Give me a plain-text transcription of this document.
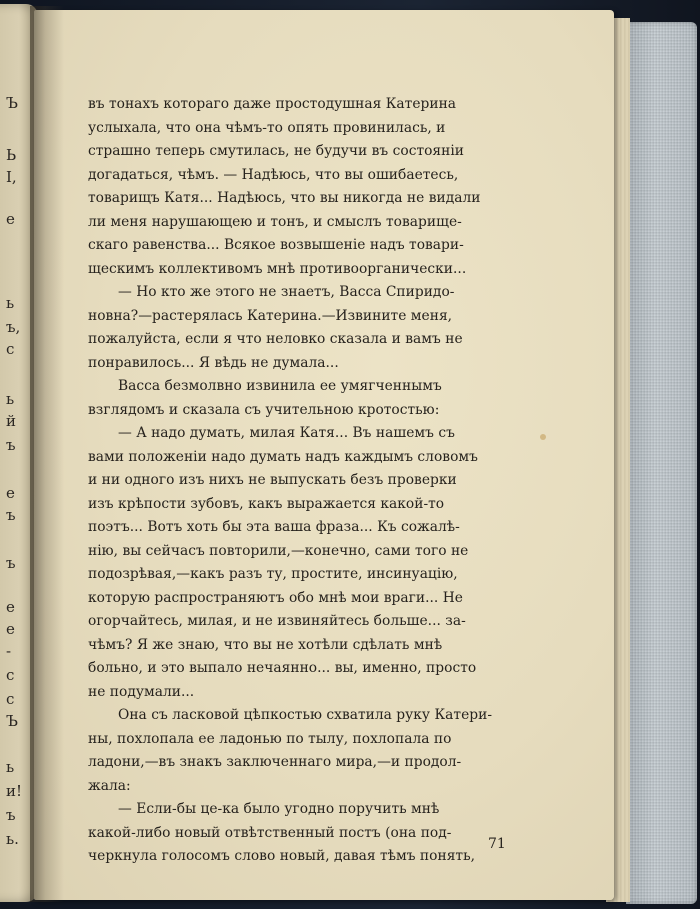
Ъ
Ь
І,
е
ь
ъ,
с
ь
й
ъ
е
ъ
ъ
е
е
-
с
с
Ъ
ь
и!
ъ
ь.
въ тонахъ котораго даже простодушная Катерина
услыхала, что она чѣмъ-то опять провинилась, и
страшно теперь смутилась, не будучи въ состояніи
догадаться, чѣмъ. — Надѣюсь, что вы ошибаетесь,
товарищъ Катя... Надѣюсь, что вы никогда не видали
ли меня нарушающею и тонъ, и смыслъ товарище-
скаго равенства... Всякое возвышеніе надъ товари-
щескимъ коллективомъ мнѣ противоорганически...
— Но кто же этого не знаетъ, Васса Спиридо-
новна?—растерялась Катерина.—Извините меня,
пожалуйста, если я что неловко сказала и вамъ не
понравилось... Я вѣдь не думала...
Васса безмолвно извинила ее умягченнымъ
взглядомъ и сказала съ учительною кротостью:
— А надо думать, милая Катя... Въ нашемъ съ
вами положеніи надо думать надъ каждымъ словомъ
и ни одного изъ нихъ не выпускать безъ проверки
изъ крѣпости зубовъ, какъ выражается какой-то
поэтъ... Вотъ хоть бы эта ваша фраза... Къ сожалѣ-
нію, вы сейчасъ повторили,—конечно, сами того не
подозрѣвая,—какъ разъ ту, простите, инсинуацію,
которую распространяютъ обо мнѣ мои враги... Не
огорчайтесь, милая, и не извиняйтесь больше... за-
чѣмъ? Я же знаю, что вы не хотѣли сдѣлать мнѣ
больно, и это выпало нечаянно... вы, именно, просто
не подумали...
Она съ ласковой цѣпкостью схватила руку Катери-
ны, похлопала ее ладонью по тылу, похлопала по
ладони,—въ знакъ заключеннаго мира,—и продол-
жала:
— Если-бы це-ка было угодно поручить мнѣ
какой-либо новый отвѣтственный постъ (она под-
черкнула голосомъ слово новый, давая тѣмъ понять,
71
